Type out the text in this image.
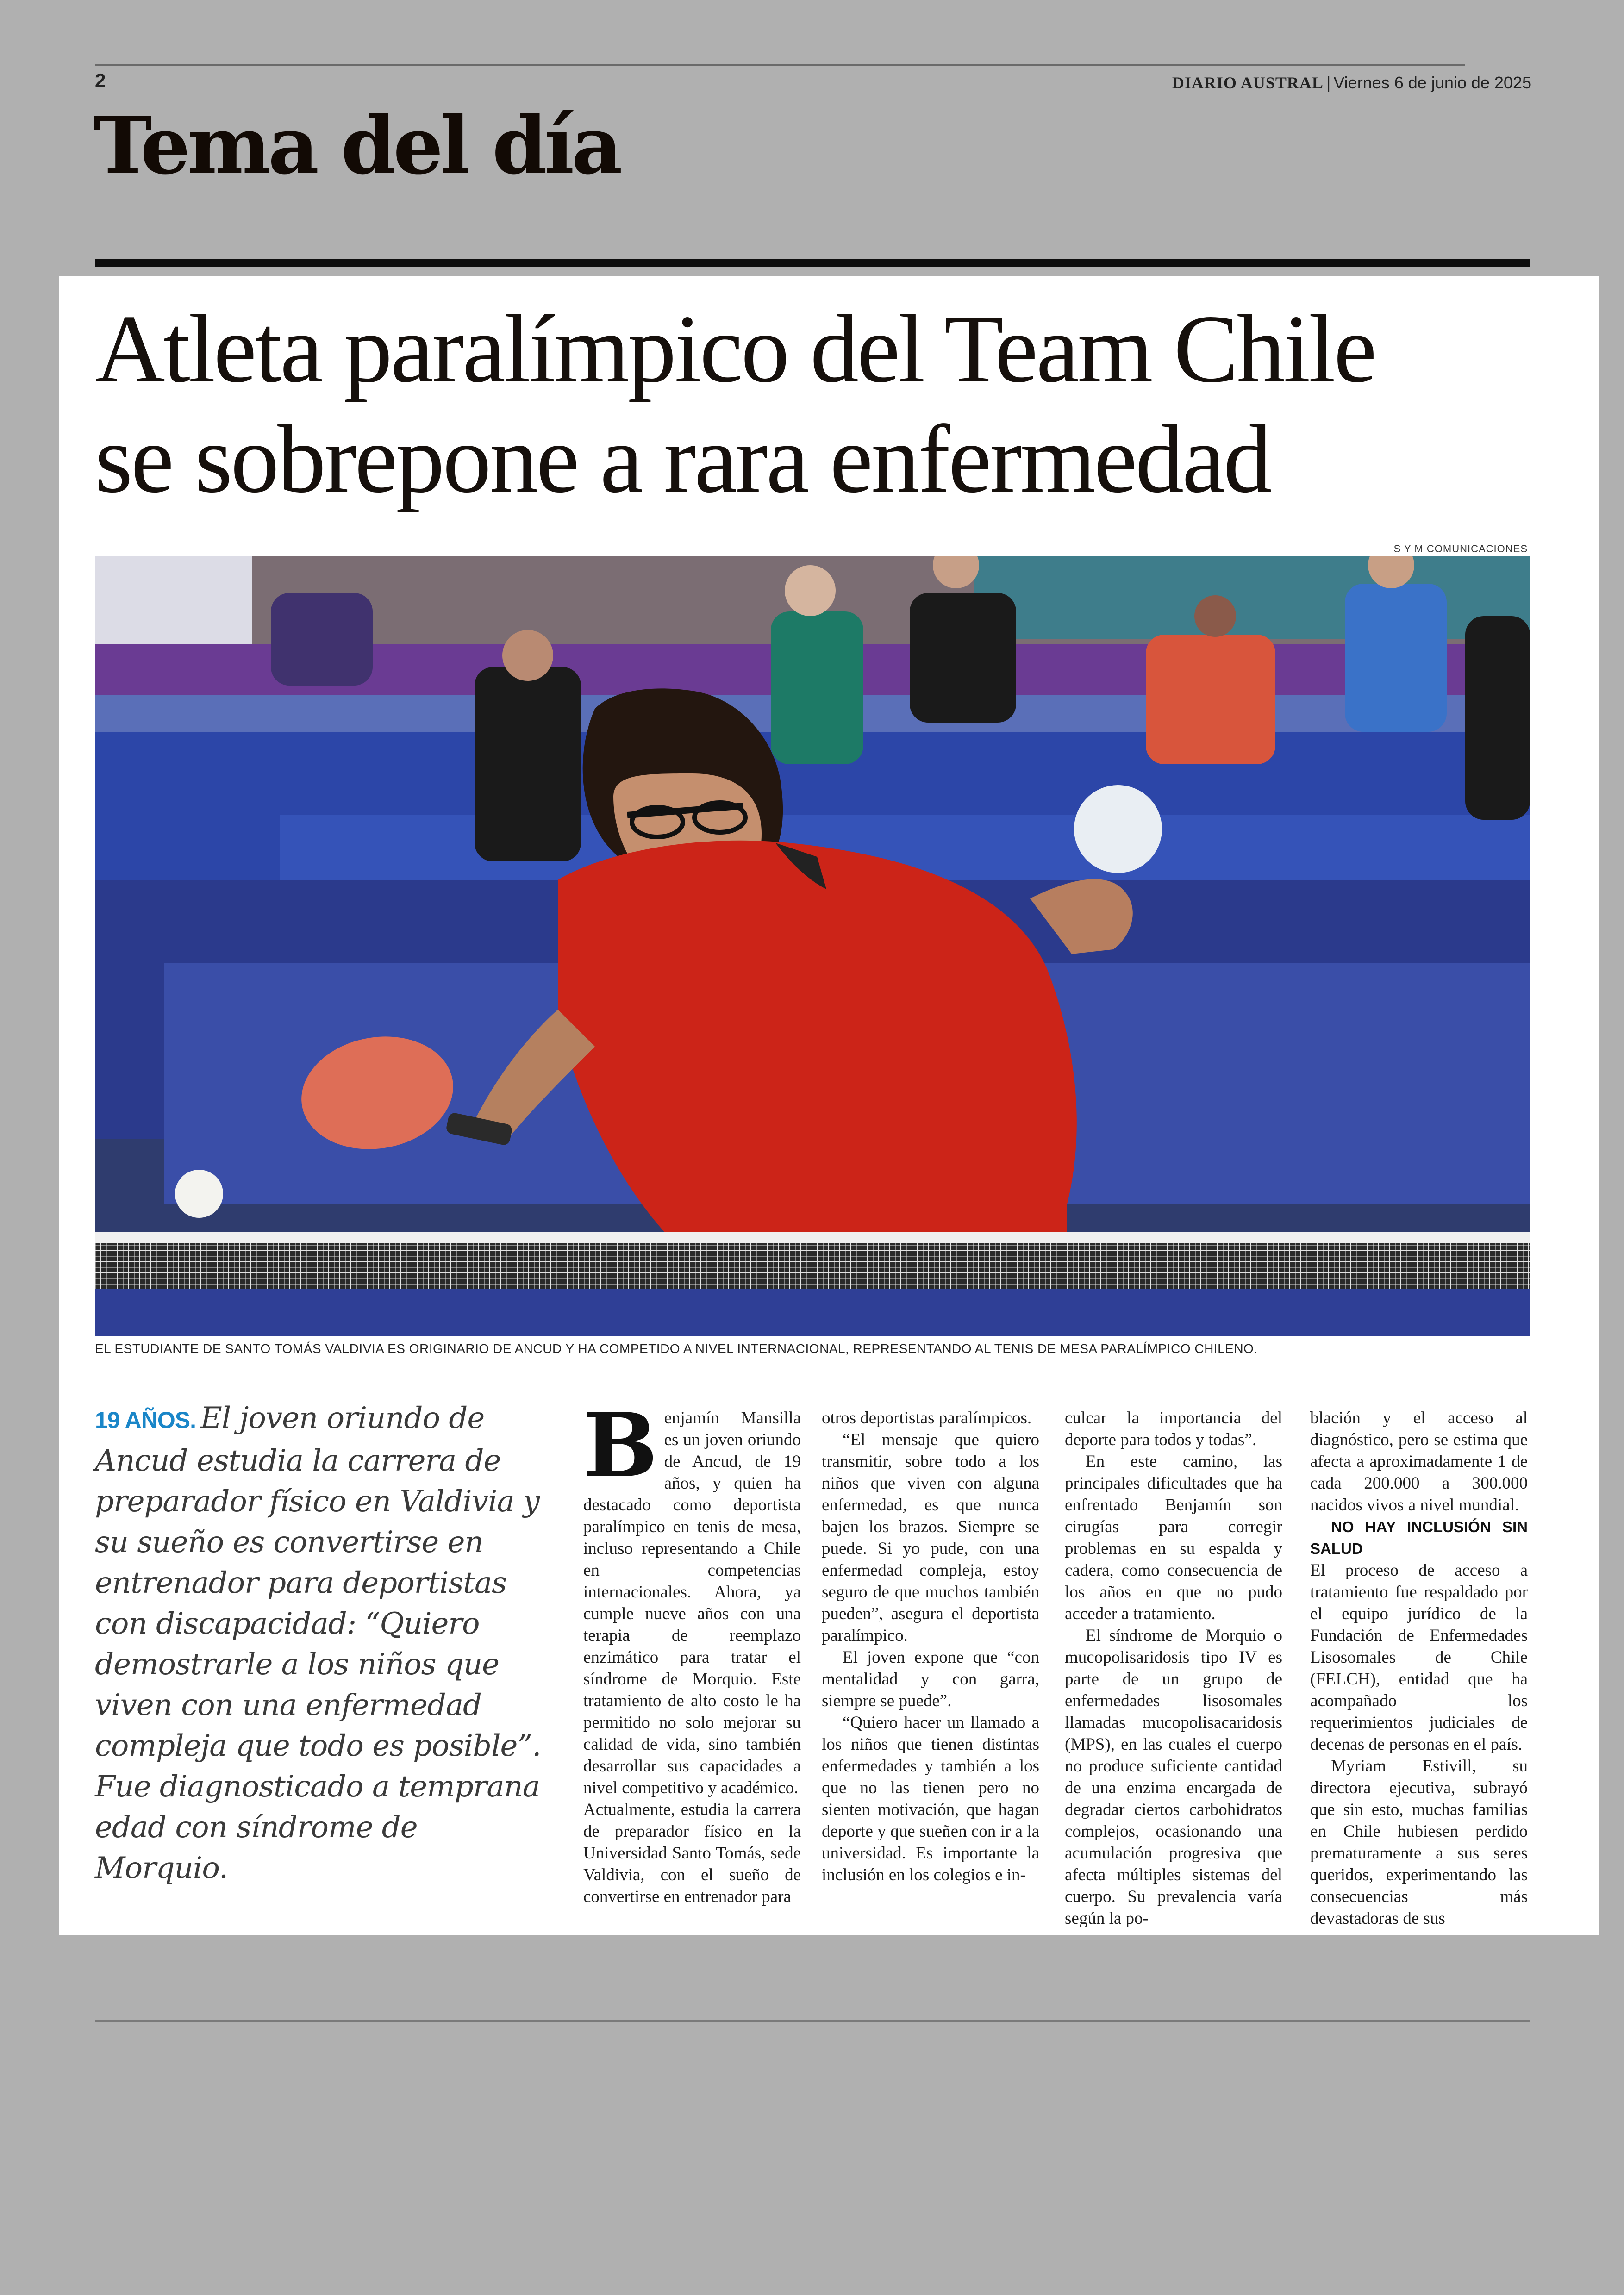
2	DIARIO AUSTRAL | Viernes 6 de junio de 2025
Tema del día
Atleta paralímpico del Team Chile
se sobrepone a rara enfermedad
S Y M COMUNICACIONES
EL ESTUDIANTE DE SANTO TOMÁS VALDIVIA ES ORIGINARIO DE ANCUD Y HA COMPETIDO A NIVEL INTERNACIONAL, REPRESENTANDO AL TENIS DE MESA PARALÍMPICO CHILENO.
19 AÑOS. El joven oriundo de Ancud estudia la carrera de preparador físico en Valdivia y su sueño es convertirse en entrenador para deportistas con discapacidad: “Quiero demostrarle a los niños que viven con una enfermedad compleja que todo es posible”. Fue diagnosticado a temprana edad con síndrome de Morquio.
B enjamín Mansilla es un joven oriundo de Ancud, de 19 años, y quien ha destacado como deportista paralímpico en tenis de mesa, incluso representando a Chile en competencias internacionales. Ahora, ya cumple nueve años con una terapia de reemplazo enzimático para tratar el síndrome de Morquio. Este tratamiento de alto costo le ha permitido no solo mejorar su calidad de vida, sino también desarrollar sus capacidades a nivel competitivo y académico.

Actualmente, estudia la carrera de preparador físico en la Universidad Santo Tomás, sede Valdivia, con el sueño de convertirse en entrenador para

otros deportistas paralímpicos.

“El mensaje que quiero transmitir, sobre todo a los niños que viven con alguna enfermedad, es que nunca bajen los brazos. Siempre se puede. Si yo pude, con una enfermedad compleja, estoy seguro de que muchos también pueden”, asegura el deportista paralímpico.

El joven expone que “con mentalidad y con garra, siempre se puede”.

“Quiero hacer un llamado a los niños que tienen distintas enfermedades y también a los que no las tienen pero no sienten motivación, que hagan deporte y que sueñen con ir a la universidad. Es importante la inclusión en los colegios e in-

culcar la importancia del deporte para todos y todas”.

En este camino, las principales dificultades que ha enfrentado Benjamín son cirugías para corregir problemas en su espalda y cadera, como consecuencia de los años en que no pudo acceder a tratamiento.

El síndrome de Morquio o mucopolisaridosis tipo IV es parte de un grupo de enfermedades lisosomales llamadas mucopolisacaridosis (MPS), en las cuales el cuerpo no produce suficiente cantidad de una enzima encargada de degradar ciertos carbohidratos complejos, ocasionando una acumulación progresiva que afecta múltiples sistemas del cuerpo. Su prevalencia varía según la po-

blación y el acceso al diagnóstico, pero se estima que afecta a aproximadamente 1 de cada 200.000 a 300.000 nacidos vivos a nivel mundial.

NO HAY INCLUSIÓN SIN SALUD

El proceso de acceso a tratamiento fue respaldado por el equipo jurídico de la Fundación de Enfermedades Lisosomales de Chile (FELCH), entidad que ha acompañado los requerimientos judiciales de decenas de personas en el país.

Myriam Estivill, su directora ejecutiva, subrayó que sin esto, muchas familias en Chile hubiesen perdido prematuramente a sus seres queridos, experimentando las consecuencias más devastadoras de sus
